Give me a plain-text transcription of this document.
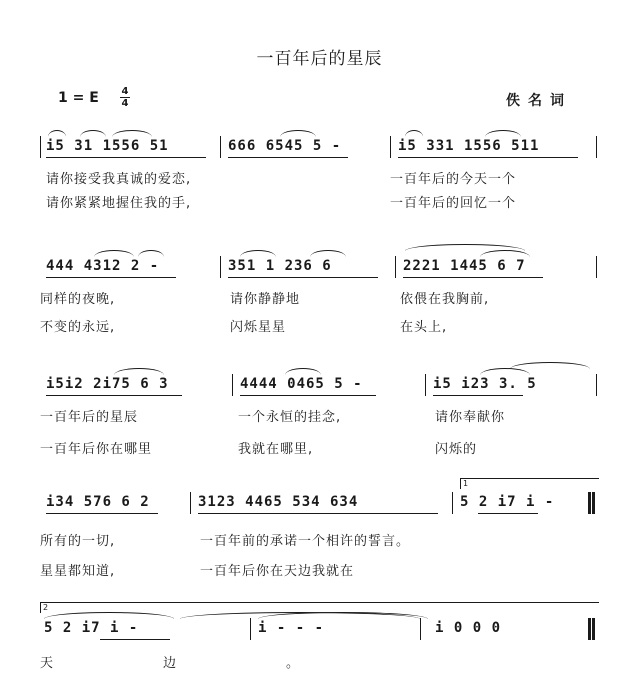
一百年后的星辰
1 = E 4
4	佚名词
i5 31 1556 51	666 6545 5 -	i5 331 1556 511
请你接受我真诚的爱恋,	一百年后的今天一个
请你紧紧地握住我的手,	一百年后的回忆一个
444 4312 2 -	351 1 236 6	2221 1445 6 7
同样的夜晚,	请你静静地	依偎在我胸前,
不变的永远,	闪烁星星	在头上,
i5i2 2i75 6 3	4444 0465 5 -	i5 i23 3. 5
一百年后的星辰	一个永恒的挂念,	请你奉献你
一百年后你在哪里	我就在哪里,	闪烁的
1
i34 576 6 2	3123 4465 534 634	5 2 i7 i -
所有的一切,	一百年前的承诺一个相许的誓言。
星星都知道,	一百年后你在天边我就在
2
5 2 i7 i -	i - - -	i 0 0 0
天边。
